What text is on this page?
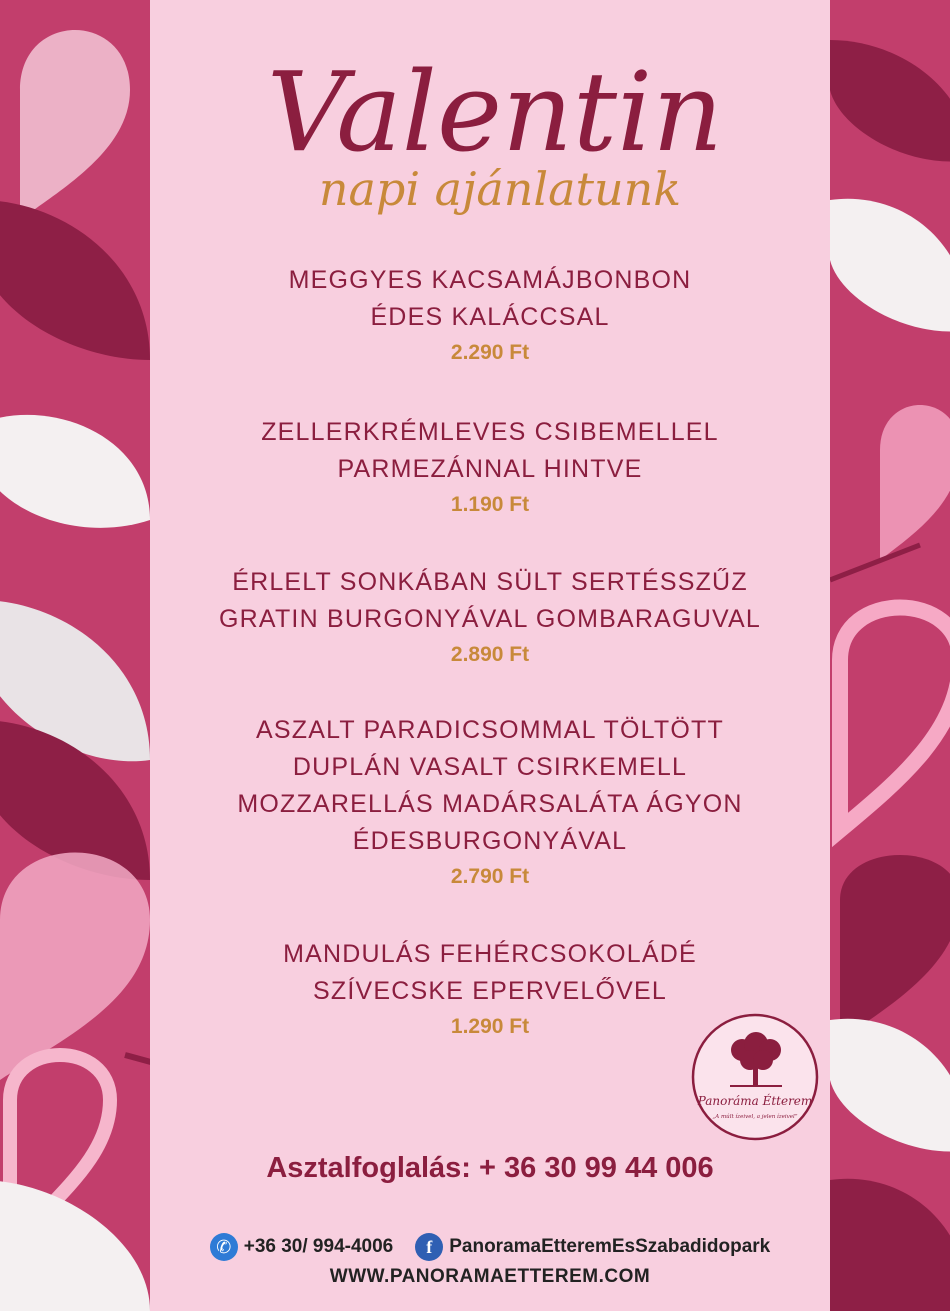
Valentin
napi ajánlatunk
MEGGYES KACSAMÁJBONBON
ÉDES KALÁCCSAL
2.290 Ft
ZELLERKRÉMLEVES CSIBEMELLEL
PARMEZÁNNAL HINTVE
1.190 Ft
ÉRLELT SONKÁBAN SÜLT SERTÉSSZŰZ
GRATIN BURGONYÁVAL GOMBARAGUVAL
2.890 Ft
ASZALT PARADICSOMMAL TÖLTÖTT
DUPLÁN VASALT CSIRKEMELL
MOZZARELLÁS MADÁRSALÁTA ÁGYON
ÉDESBURGONYÁVAL
2.790 Ft
MANDULÁS FEHÉRCSOKOLÁDÉ
SZÍVECSKE EPERVELŐVEL
1.290 Ft
Panoráma Étterem
„A múlt ízeivel, a jelen ízeivel”
Asztalfoglalás: + 36 30 99 44 006
✆ +36 30/ 994-4006	f PanoramaEtteremEsSzabadidopark
WWW.PANORAMAETTEREM.COM
